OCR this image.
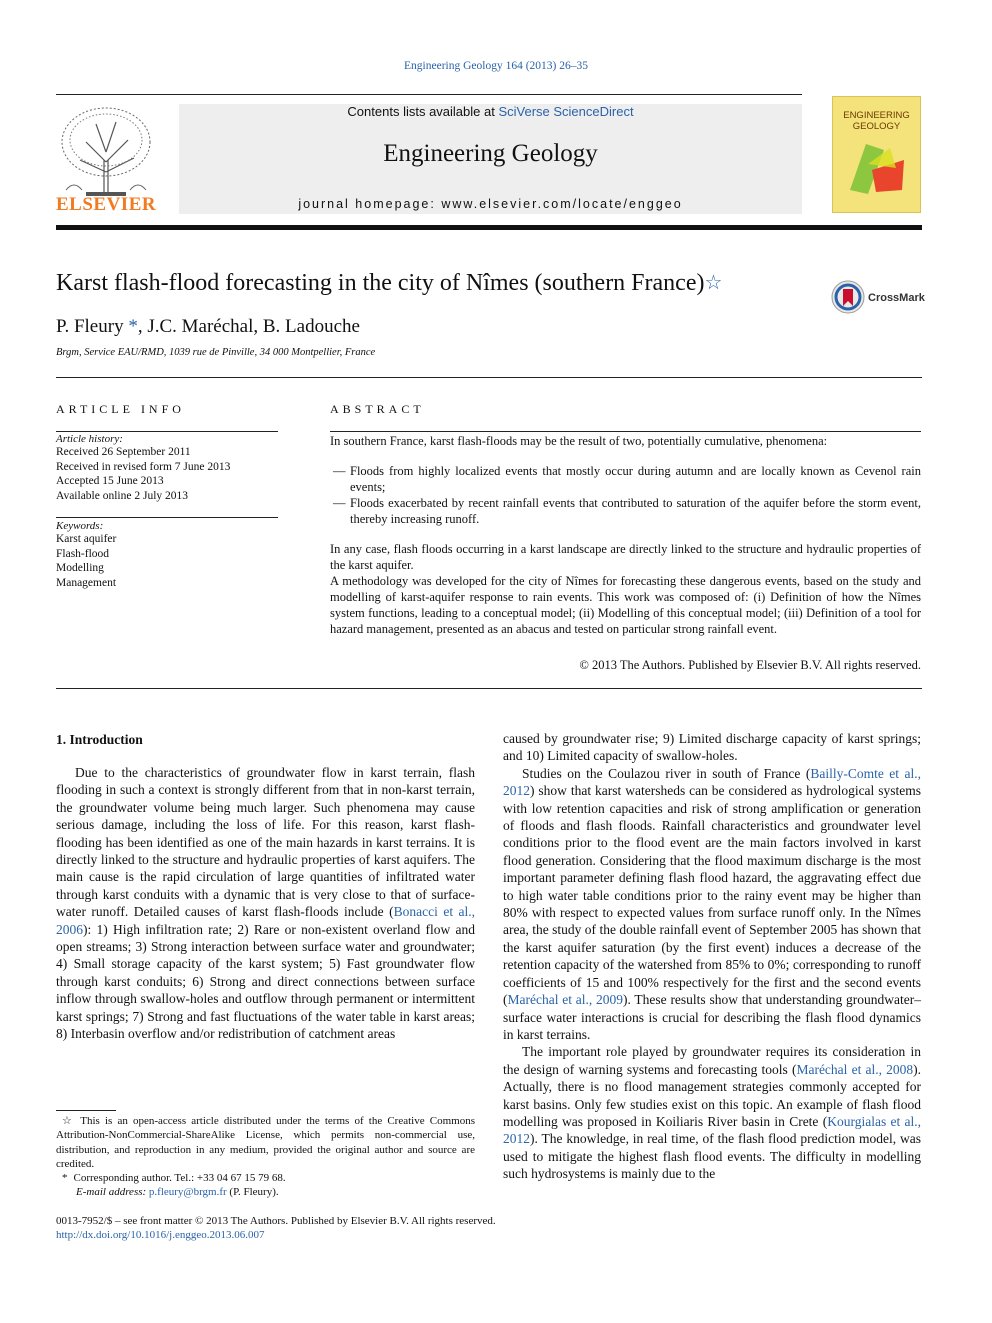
Engineering Geology 164 (2013) 26–35
ELSEVIER
Contents lists available at SciVerse ScienceDirect
Engineering Geology
journal homepage: www.elsevier.com/locate/enggeo
ENGINEERING
GEOLOGY
Karst flash-flood forecasting in the city of Nîmes (southern France)☆
CrossMark
P. Fleury *, J.C. Maréchal, B. Ladouche
Brgm, Service EAU/RMD, 1039 rue de Pinville, 34 000 Montpellier, France
ARTICLE INFO
Article history:
Received 26 September 2011
Received in revised form 7 June 2013
Accepted 15 June 2013
Available online 2 July 2013
Keywords:
Karst aquifer
Flash-flood
Modelling
Management
ABSTRACT

In southern France, karst flash-floods may be the result of two, potentially cumulative, phenomena:

— Floods from highly localized events that mostly occur during autumn and are locally known as Cevenol rain events;
— Floods exacerbated by recent rainfall events that contributed to saturation of the aquifer before the storm event, thereby increasing runoff.

In any case, flash floods occurring in a karst landscape are directly linked to the structure and hydraulic properties of the karst aquifer.

A methodology was developed for the city of Nîmes for forecasting these dangerous events, based on the study and modelling of karst-aquifer response to rain events. This work was composed of: (i) Definition of how the Nîmes system functions, leading to a conceptual model; (ii) Modelling of this conceptual model; (iii) Definition of a tool for hazard management, presented as an abacus and tested on particular strong rainfall event.

© 2013 The Authors. Published by Elsevier B.V. All rights reserved.
1. Introduction

Due to the characteristics of groundwater flow in karst terrain, flash flooding in such a context is strongly different from that in non-karst terrain, the groundwater volume being much larger. Such phenomena may cause serious damage, including the loss of life. For this reason, karst flash-flooding has been identified as one of the main hazards in karst terrains. It is directly linked to the structure and hydraulic properties of karst aquifers. The main cause is the rapid circulation of large quantities of infiltrated water through karst conduits with a dynamic that is very close to that of surface-water runoff. Detailed causes of karst flash-floods include (Bonacci et al., 2006): 1) High infiltration rate; 2) Rare or non-existent overland flow and open streams; 3) Strong interaction between surface water and groundwater; 4) Small storage capacity of the karst system; 5) Fast groundwater flow through karst conduits; 6) Strong and direct connections between surface inflow through swallow-holes and outflow through permanent or intermittent karst springs; 7) Strong and fast fluctuations of the water table in karst areas; 8) Interbasin overflow and/or redistribution of catchment areas

caused by groundwater rise; 9) Limited discharge capacity of karst springs; and 10) Limited capacity of swallow-holes.

Studies on the Coulazou river in south of France (Bailly-Comte et al., 2012) show that karst watersheds can be considered as hydrological systems with low retention capacities and risk of strong amplification or generation of floods and flash floods. Rainfall characteristics and groundwater level conditions prior to the flood event are the main factors involved in karst flood generation. Considering that the flood maximum discharge is the most important parameter defining flash flood hazard, the aggravating effect due to high water table conditions prior to the rainy event may be higher than 80% with respect to expected values from surface runoff only. In the Nîmes area, the study of the double rainfall event of September 2005 has shown that the karst aquifer saturation (by the first event) induces a decrease of the retention capacity of the watershed from 85% to 0%; corresponding to runoff coefficients of 15 and 100% respectively for the first and the second events (Maréchal et al., 2009). These results show that understanding groundwater–surface water interactions is crucial for describing the flash flood dynamics in karst terrains.

The important role played by groundwater requires its consideration in the design of warning systems and forecasting tools (Maréchal et al., 2008). Actually, there is no flood management strategies commonly accepted for karst basins. Only few studies exist on this topic. An example of flash flood modelling was proposed in Koiliaris River basin in Crete (Kourgialas et al., 2012). The knowledge, in real time, of the flash flood prediction model, was used to mitigate the highest flash flood events. The difficulty in modelling such hydrosystems is mainly due to the

☆ This is an open-access article distributed under the terms of the Creative Commons Attribution-NonCommercial-ShareAlike License, which permits non-commercial use, distribution, and reproduction in any medium, provided the original author and source are credited.

* Corresponding author. Tel.: +33 04 67 15 79 68.

E-mail address: p.fleury@brgm.fr (P. Fleury).

0013-7952/$ – see front matter © 2013 The Authors. Published by Elsevier B.V. All rights reserved.
http://dx.doi.org/10.1016/j.enggeo.2013.06.007
